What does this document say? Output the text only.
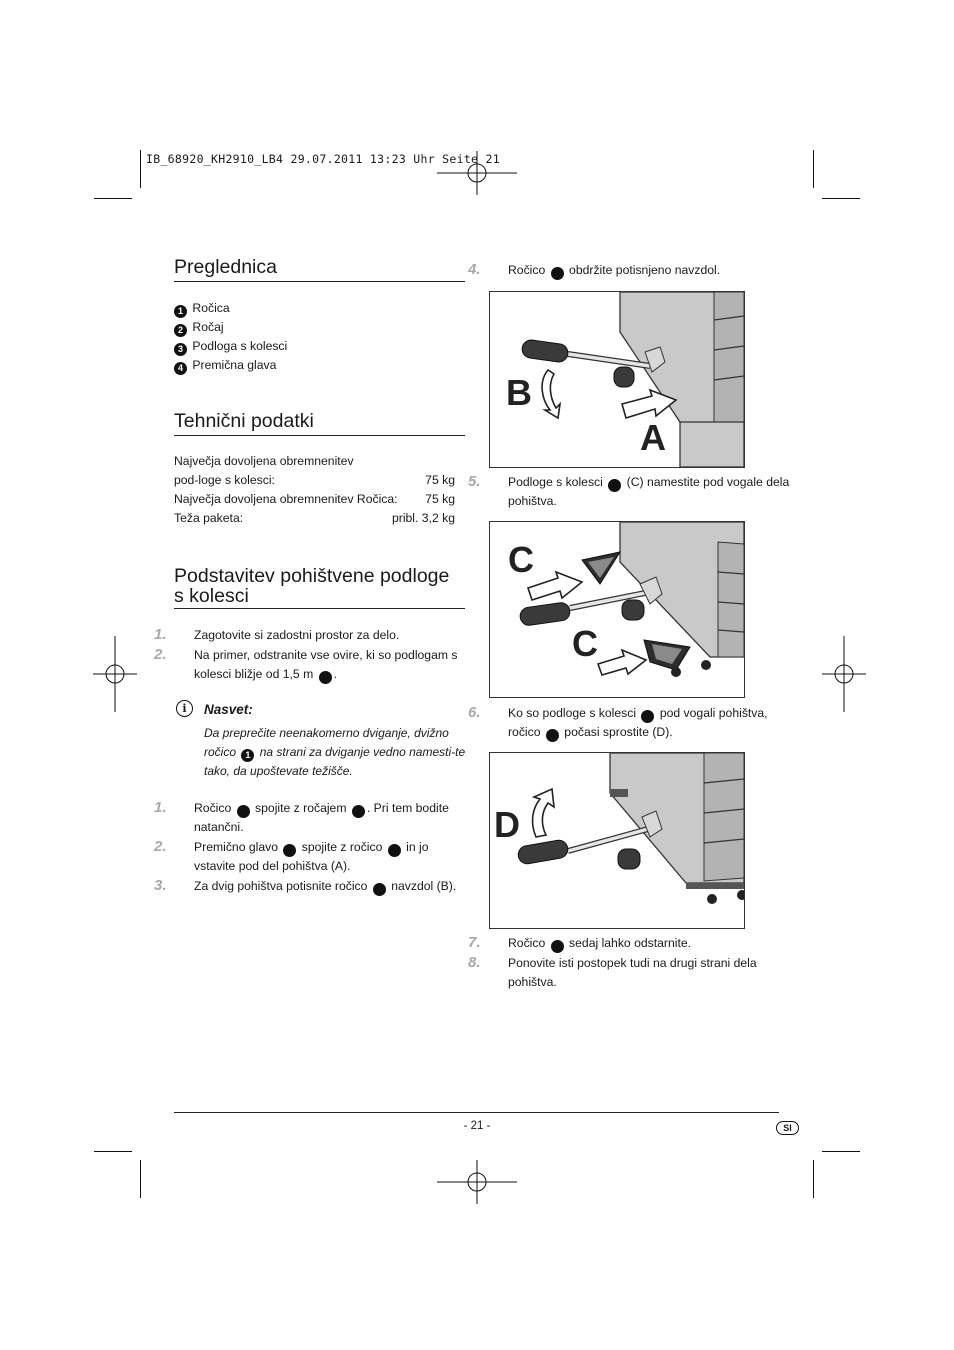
IB_68920_KH2910_LB4 29.07.2011 13:23 Uhr Seite 21
Preglednica
1 Ročica
2 Ročaj
3 Podloga s kolesci
4 Premična glava
Tehnični podatki
Največja dovoljena obremnenitev
pod-loge s kolesci:	75 kg
Največja dovoljena obremnenitev Ročica: 75 kg
Teža paketa:	pribl. 3,2 kg
Podstavitev pohištvene podloge
s kolesci
1. Zagotovite si zadostni prostor za delo.
2. Na primer, odstranite vse ovire, ki so podlogam s kolesci bližje od 1,5 m 3 .
i	Nasvet:
Da preprečite neenakomerno dviganje, dvižno ročico 1 na strani za dviganje vedno namesti-te tako, da upoštevate težišče.
1. Ročico 1 spojite z ročajem 2 . Pri tem bodite natančni.
2. Premično glavo 4 spojite z ročico 1 in jo vstavite pod del pohištva (A).
3. Za dvig pohištva potisnite ročico 1 navzdol (B).
4. Ročico 1 obdržite potisnjeno navzdol.
B
A
5. Podloge s kolesci 3 (C) namestite pod vogale dela pohištva.
C
C
6. Ko so podloge s kolesci 3 pod vogali pohištva, ročico 1 počasi sprostite (D).
D
7. Ročico 1 sedaj lahko odstarnite.
8. Ponovite isti postopek tudi na drugi strani dela pohištva.
- 21 -	SI
